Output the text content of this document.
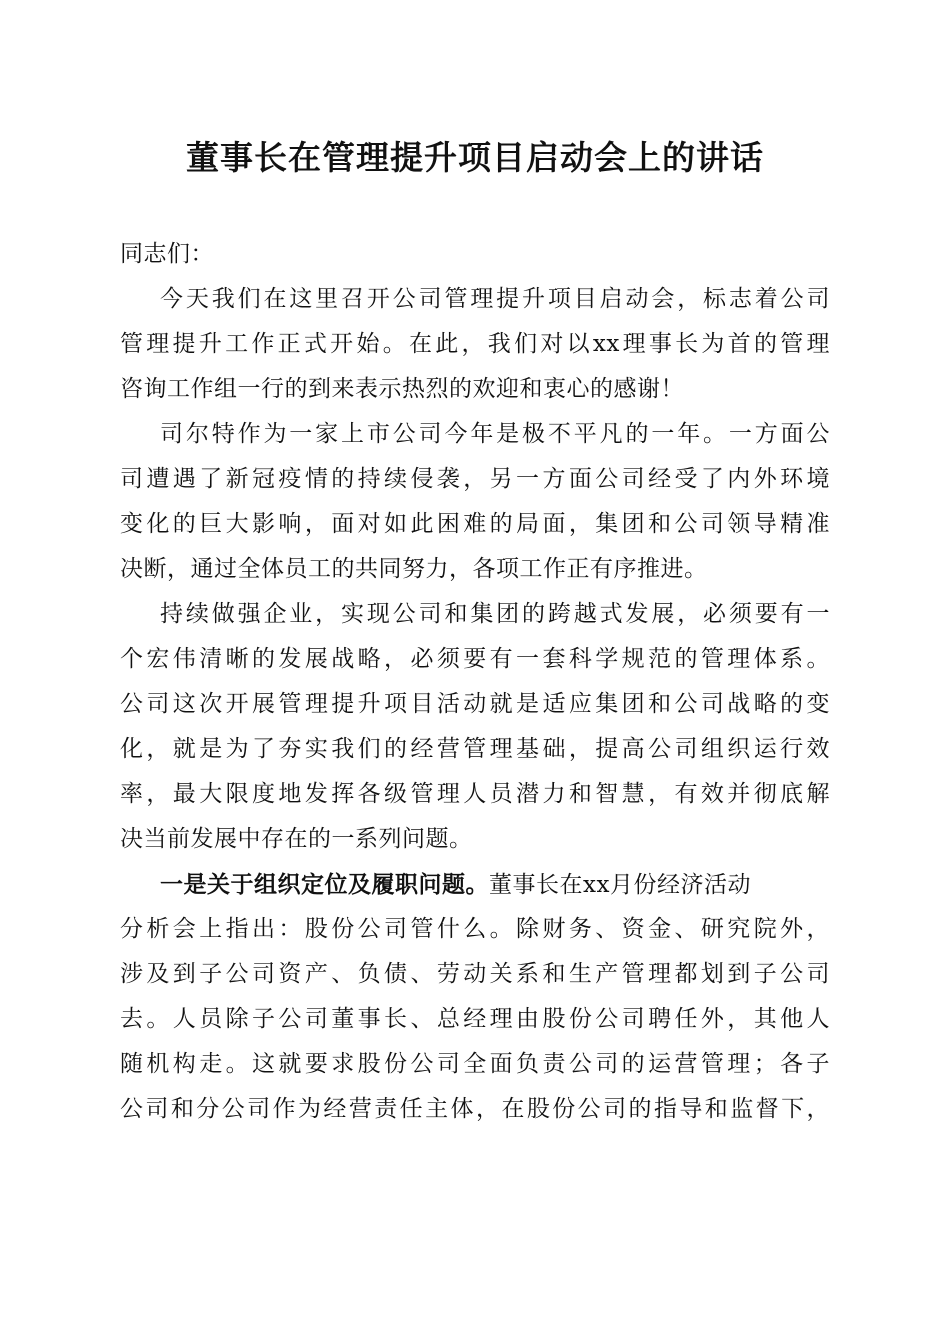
董事长在管理提升项目启动会上的讲话
同志们：
今天我们在这里召开公司管理提升项目启动会，标志着公司
管理提升工作正式开始。在此，我们对以xx理事长为首的管理
咨询工作组一行的到来表示热烈的欢迎和衷心的感谢！
司尔特作为一家上市公司今年是极不平凡的一年。一方面公
司遭遇了新冠疫情的持续侵袭，另一方面公司经受了内外环境
变化的巨大影响，面对如此困难的局面，集团和公司领导精准
决断，通过全体员工的共同努力，各项工作正有序推进。
持续做强企业，实现公司和集团的跨越式发展，必须要有一
个宏伟清晰的发展战略，必须要有一套科学规范的管理体系。
公司这次开展管理提升项目活动就是适应集团和公司战略的变
化，就是为了夯实我们的经营管理基础，提高公司组织运行效
率，最大限度地发挥各级管理人员潜力和智慧，有效并彻底解
决当前发展中存在的一系列问题。
一是关于组织定位及履职问题。董事长在xx月份经济活动
分析会上指出：股份公司管什么。除财务、资金、研究院外，
涉及到子公司资产、负债、劳动关系和生产管理都划到子公司
去。人员除子公司董事长、总经理由股份公司聘任外，其他人
随机构走。这就要求股份公司全面负责公司的运营管理；各子
公司和分公司作为经营责任主体，在股份公司的指导和监督下，
